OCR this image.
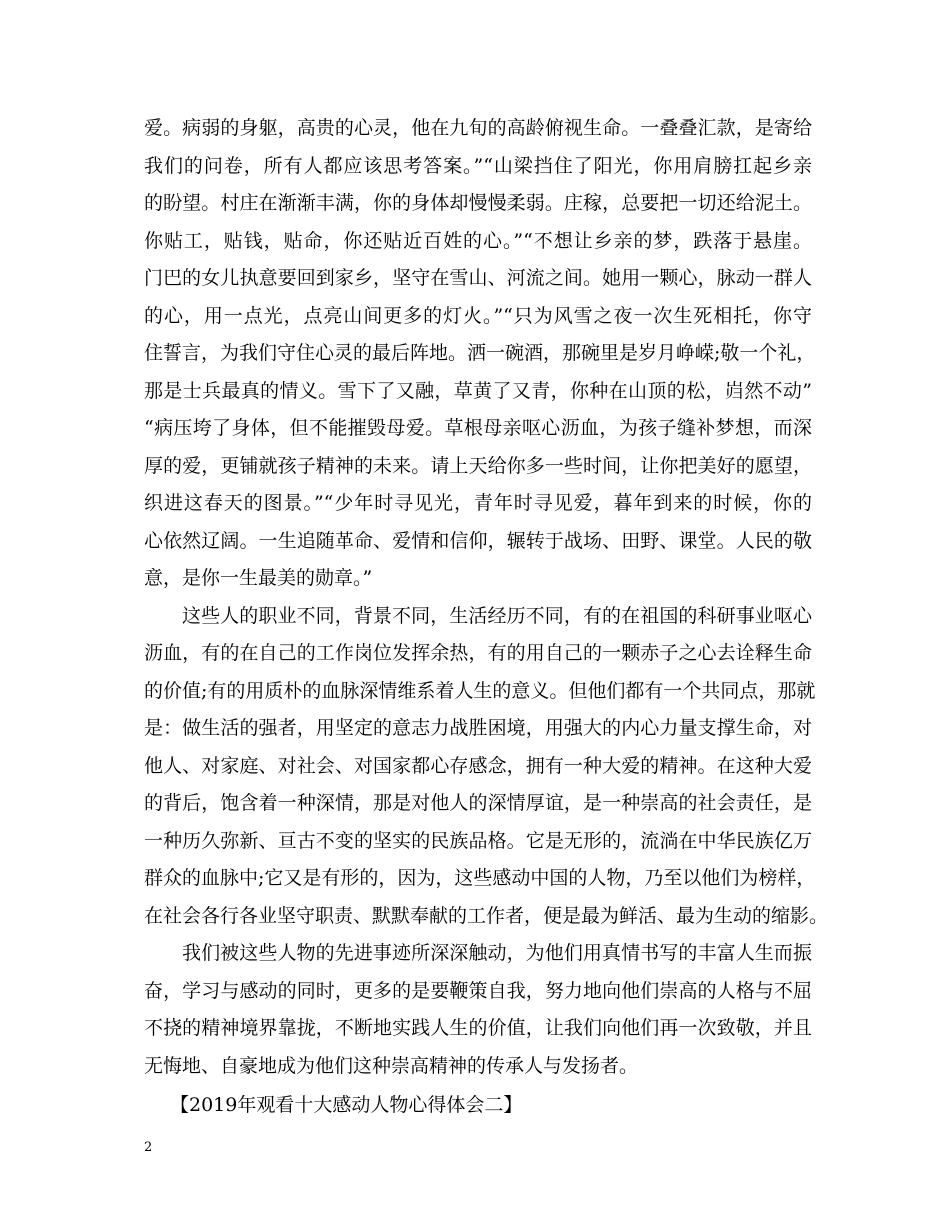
爱。病弱的身躯，高贵的心灵，他在九旬的高龄俯视生命。一叠叠汇款，是寄给
我们的问卷，所有人都应该思考答案。”“山梁挡住了阳光，你用肩膀扛起乡亲
的盼望。村庄在渐渐丰满，你的身体却慢慢柔弱。庄稼，总要把一切还给泥土。
你贴工，贴钱，贴命，你还贴近百姓的心。”“不想让乡亲的梦，跌落于悬崖。
门巴的女儿执意要回到家乡，坚守在雪山、河流之间。她用一颗心，脉动一群人
的心，用一点光，点亮山间更多的灯火。”“只为风雪之夜一次生死相托，你守
住誓言，为我们守住心灵的最后阵地。洒一碗酒，那碗里是岁月峥嵘;敬一个礼，
那是士兵最真的情义。雪下了又融，草黄了又青，你种在山顶的松，岿然不动”
“病压垮了身体，但不能摧毁母爱。草根母亲呕心沥血，为孩子缝补梦想，而深
厚的爱，更铺就孩子精神的未来。请上天给你多一些时间，让你把美好的愿望，
织进这春天的图景。”“少年时寻见光，青年时寻见爱，暮年到来的时候，你的
心依然辽阔。一生追随革命、爱情和信仰，辗转于战场、田野、课堂。人民的敬
意，是你一生最美的勋章。”
这些人的职业不同，背景不同，生活经历不同，有的在祖国的科研事业呕心
沥血，有的在自己的工作岗位发挥余热，有的用自己的一颗赤子之心去诠释生命
的价值;有的用质朴的血脉深情维系着人生的意义。但他们都有一个共同点，那就
是：做生活的强者，用坚定的意志力战胜困境，用强大的内心力量支撑生命，对
他人、对家庭、对社会、对国家都心存感念，拥有一种大爱的精神。在这种大爱
的背后，饱含着一种深情，那是对他人的深情厚谊，是一种崇高的社会责任，是
一种历久弥新、亘古不变的坚实的民族品格。它是无形的，流淌在中华民族亿万
群众的血脉中;它又是有形的，因为，这些感动中国的人物，乃至以他们为榜样，
在社会各行各业坚守职责、默默奉献的工作者，便是最为鲜活、最为生动的缩影。
我们被这些人物的先进事迹所深深触动，为他们用真情书写的丰富人生而振
奋，学习与感动的同时，更多的是要鞭策自我，努力地向他们崇高的人格与不屈
不挠的精神境界靠拢，不断地实践人生的价值，让我们向他们再一次致敬，并且
无悔地、自豪地成为他们这种崇高精神的传承人与发扬者。
【2019年观看十大感动人物心得体会二】
2
